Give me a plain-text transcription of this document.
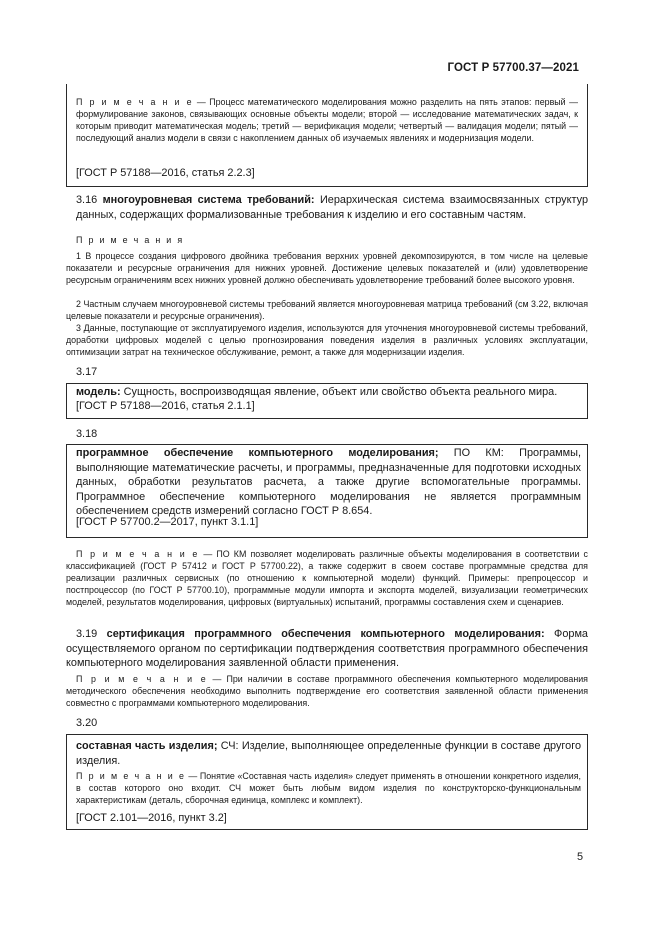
ГОСТ Р 57700.37—2021

П р и м е ч а н и е — Процесс математического моделирования можно разделить на пять этапов: первый — формулирование законов, связывающих основные объекты модели; второй — исследование математических задач, к которым приводит математическая модель; третий — верификация модели; четвертый — валидация модели; пятый — последующий анализ модели в связи с накоплением данных об изучаемых явлениях и модернизация модели.

[ГОСТ Р 57188—2016, статья 2.2.3]

3.16 многоуровневая система требований: Иерархическая система взаимосвязанных структур данных, содержащих формализованные требования к изделию и его составным частям.

П р и м е ч а н и я

1 В процессе создания цифрового двойника требования верхних уровней декомпозируются, в том числе на целевые показатели и ресурсные ограничения для нижних уровней. Достижение целевых показателей и (или) удовлетворение ресурсным ограничениям всех нижних уровней должно обеспечивать удовлетворение требований более высокого уровня.

2 Частным случаем многоуровневой системы требований является многоуровневая матрица требований (см 3.22, включая целевые показатели и ресурсные ограничения).

3 Данные, поступающие от эксплуатируемого изделия, используются для уточнения многоуровневой системы требований, доработки цифровых моделей с целью прогнозирования поведения изделия в различных условиях эксплуатации, оптимизации затрат на техническое обслуживание, ремонт, а также для модернизации изделия.

3.17

модель: Сущность, воспроизводящая явление, объект или свойство объекта реального мира.

[ГОСТ Р 57188—2016, статья 2.1.1]

3.18

программное обеспечение компьютерного моделирования; ПО КМ: Программы, выполняющие математические расчеты, и программы, предназначенные для подготовки исходных данных, обработки результатов расчета, а также другие вспомогательные программы. Программное обеспечение компьютерного моделирования не является программным обеспечением средств измерений согласно ГОСТ Р 8.654.

[ГОСТ Р 57700.2—2017, пункт 3.1.1]

П р и м е ч а н и е — ПО КМ позволяет моделировать различные объекты моделирования в соответствии с классификацией (ГОСТ Р 57412 и ГОСТ Р 57700.22), а также содержит в своем составе программные средства для реализации различных сервисных (по отношению к компьютерной модели) функций. Примеры: препроцессор и постпроцессор (по ГОСТ Р 57700.10), программные модули импорта и экспорта моделей, визуализации геометрических моделей, результатов моделирования, цифровых (виртуальных) испытаний, программы составления схем и сценариев.

3.19 сертификация программного обеспечения компьютерного моделирования: Форма осуществляемого органом по сертификации подтверждения соответствия программного обеспечения компьютерного моделирования заявленной области применения.

П р и м е ч а н и е — При наличии в составе программного обеспечения компьютерного моделирования методического обеспечения необходимо выполнить подтверждение его соответствия заявленной области применения совместно с программами компьютерного моделирования.

3.20

составная часть изделия; СЧ: Изделие, выполняющее определенные функции в составе другого изделия.

П р и м е ч а н и е — Понятие «Составная часть изделия» следует применять в отношении конкретного изделия, в состав которого оно входит. СЧ может быть любым видом изделия по конструкторско-функциональным характеристикам (деталь, сборочная единица, комплекс и комплект).

[ГОСТ 2.101—2016, пункт 3.2]

5
